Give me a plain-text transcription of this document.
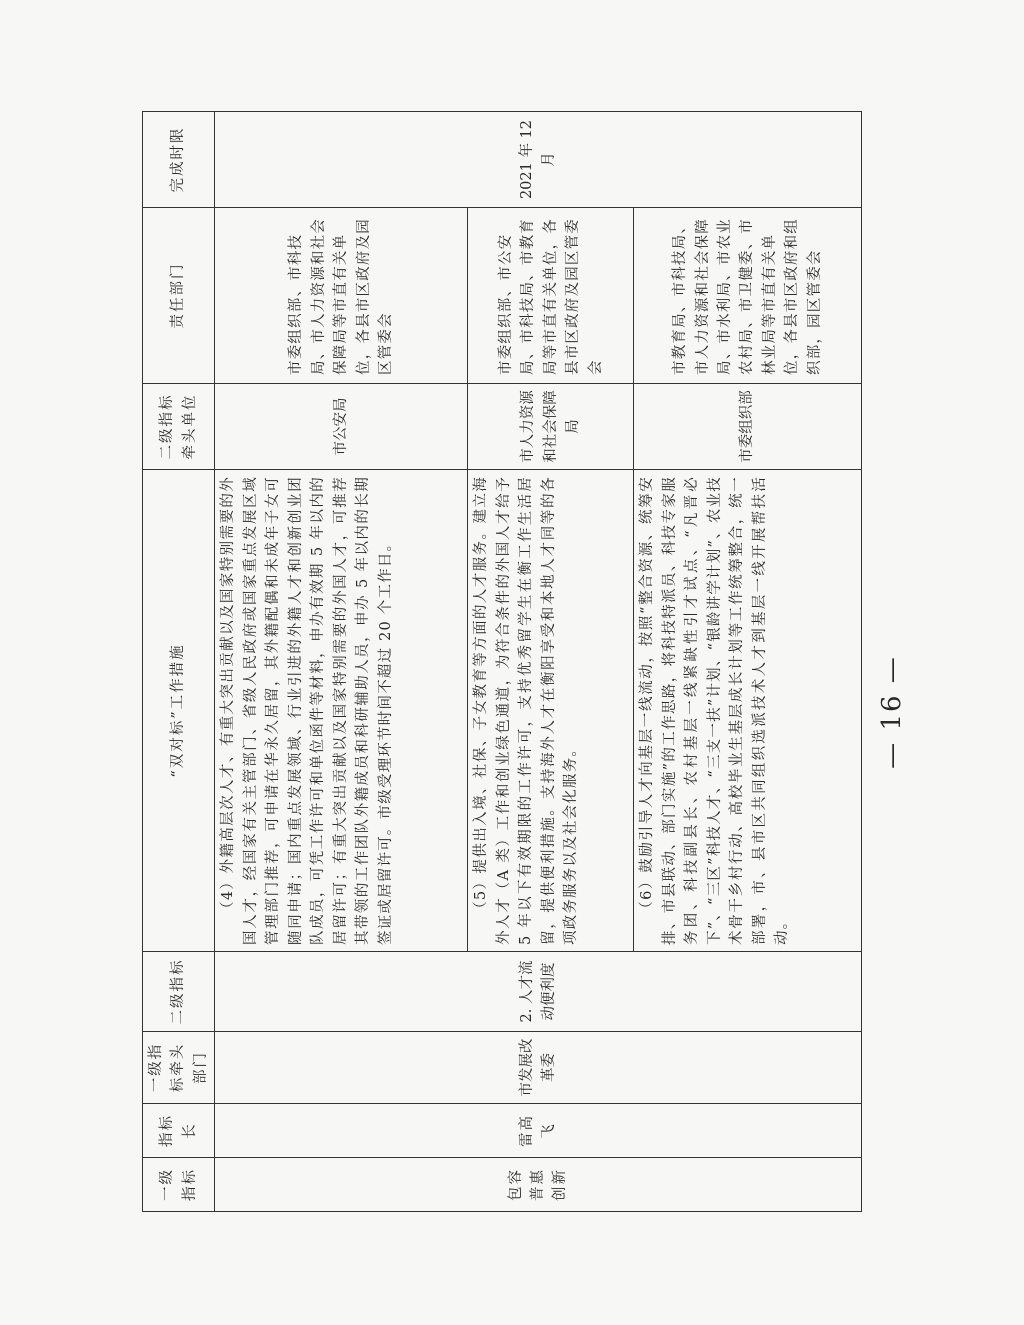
一级指标	指标长	一级指标牵头部门	二级指标	“双对标”工作措施	二级指标牵头单位	责任部门	完成时限
包容普惠创新	雷高飞	市发展改革委	2. 人才流动便利度	（4）外籍高层次人才、有重大突出贡献以及国家特别需要的外国人才，经国家有关主管部门、省级人民政府或国家重点发展区域管理部门推荐，可申请在华永久居留，其外籍配偶和未成年子女可随同申请；国内重点发展领域、行业引进的外籍人才和创新创业团队成员，可凭工作许可和单位函件等材料，申办有效期 5 年以内的居留许可；有重大突出贡献以及国家特别需要的外国人才，可推荐其带领的工作团队外籍成员和科研辅助人员，申办 5 年以内的长期签证或居留许可。市级受理环节时间不超过 20 个工作日。	市公安局	市委组织部、市科技局、市人力资源和社会保障局等市直有关单位，各县市区政府及园区管委会	2021 年 12 月

				（5）提供出入境、社保、子女教育等方面的人才服务。建立海外人才（A 类）工作和创业绿色通道，为符合条件的外国人才给予 5 年以下有效期限的工作许可，支持优秀留学生在衡工作生活居留，提供便利措施。支持海外人才在衡阳享受和本地人才同等的各项政务服务以及社会化服务。	市人力资源和社会保障局	市委组织部、市公安局、市科技局、市教育局等市直有关单位，各县市区政府及园区管委会	

				（6）鼓励引导人才向基层一线流动，按照“整合资源、统筹安排、市县联动、部门实施”的工作思路，将科技特派员、科技专家服务团、科技副县长、农村基层一线紧缺性引才试点、“凡晋必下”、“三区”科技人才、“三支一扶”计划、“银龄讲学计划”、农业技术骨干乡村行动、高校毕业生基层成长计划等工作统筹整合，统一部署，市、县市区共同组织选派技术人才到基层一线开展帮扶活动。	市委组织部	市教育局、市科技局、市人力资源和社会保障局、市水利局、市农业农村局、市卫健委、市林业局等市直有关单位，各县市区政府和组织部，园区管委会	
— 16 —
